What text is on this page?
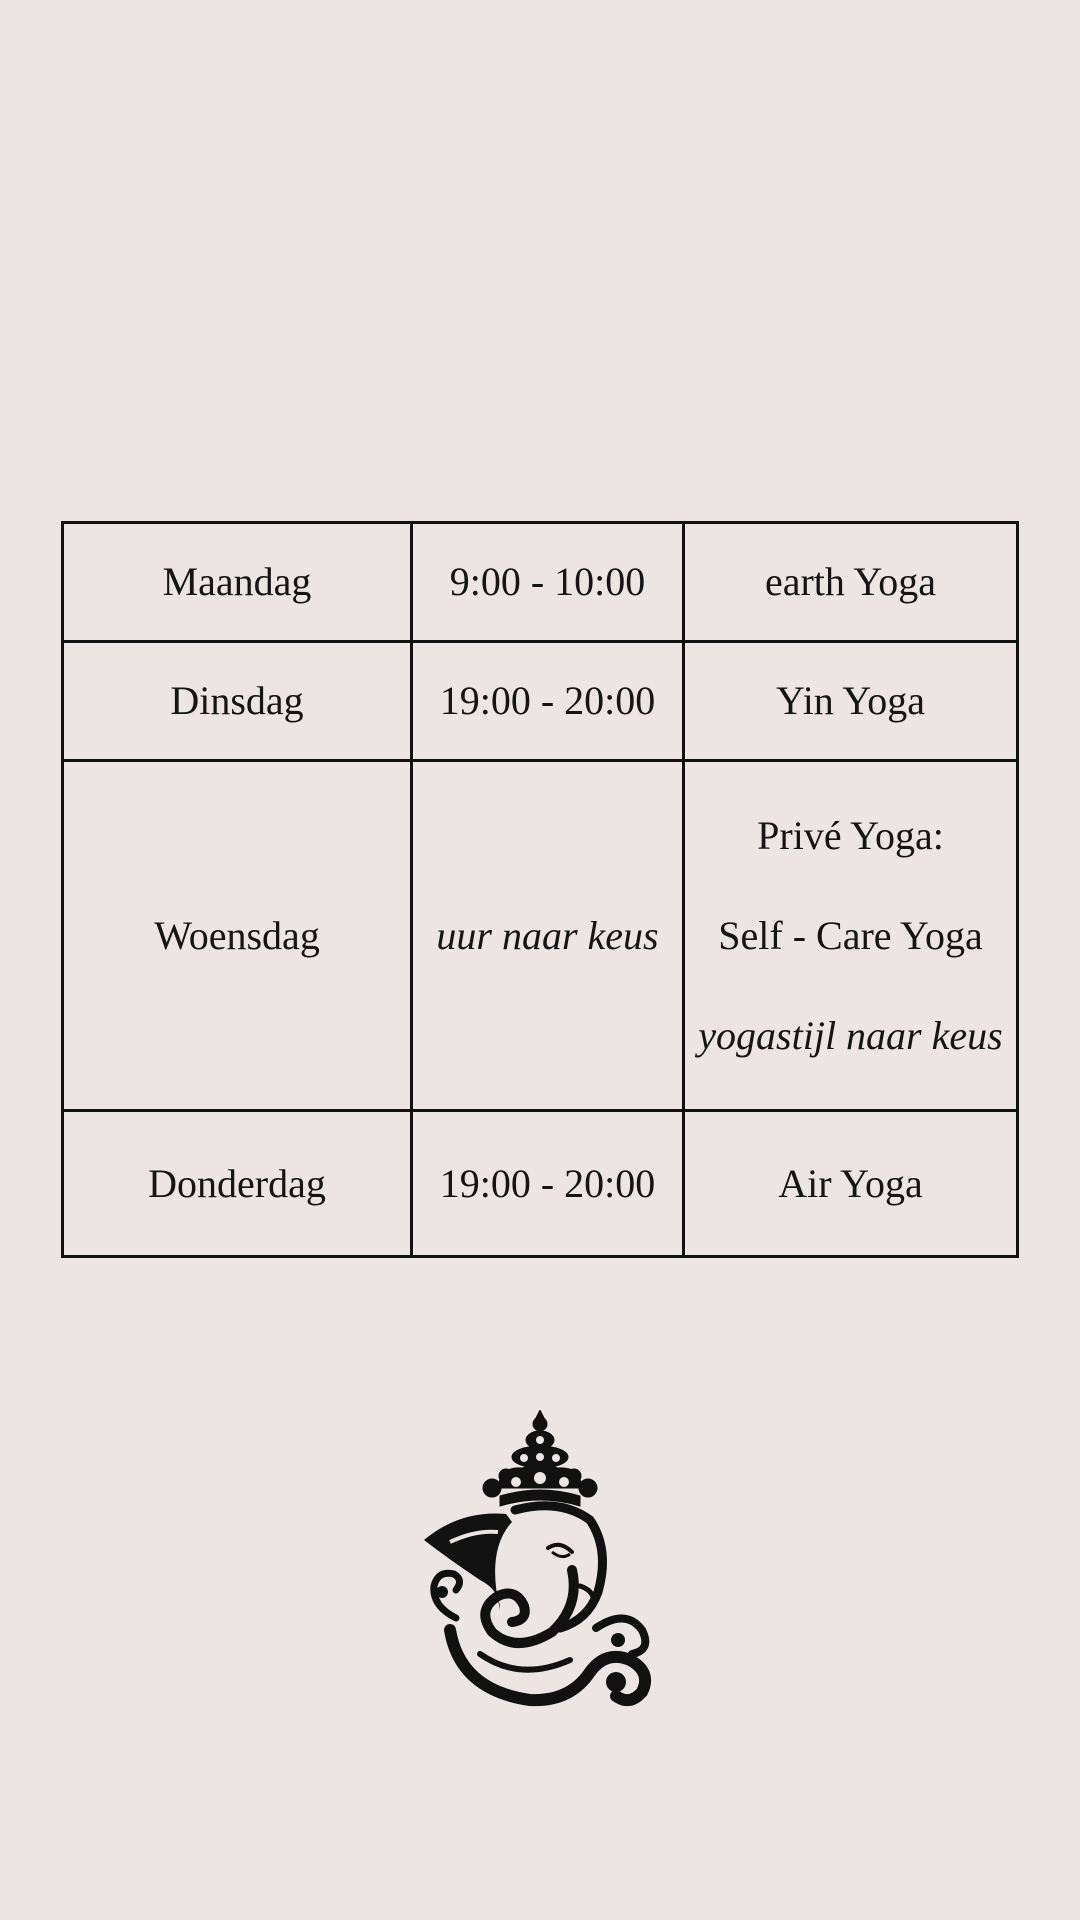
Maandag	9:00 - 10:00	earth Yoga
Dinsdag	19:00 - 20:00	Yin Yoga
Woensdag	uur naar keus	Privé Yoga:

Self - Care Yoga

yogastijl naar keus

Donderdag	19:00 - 20:00	Air Yoga
